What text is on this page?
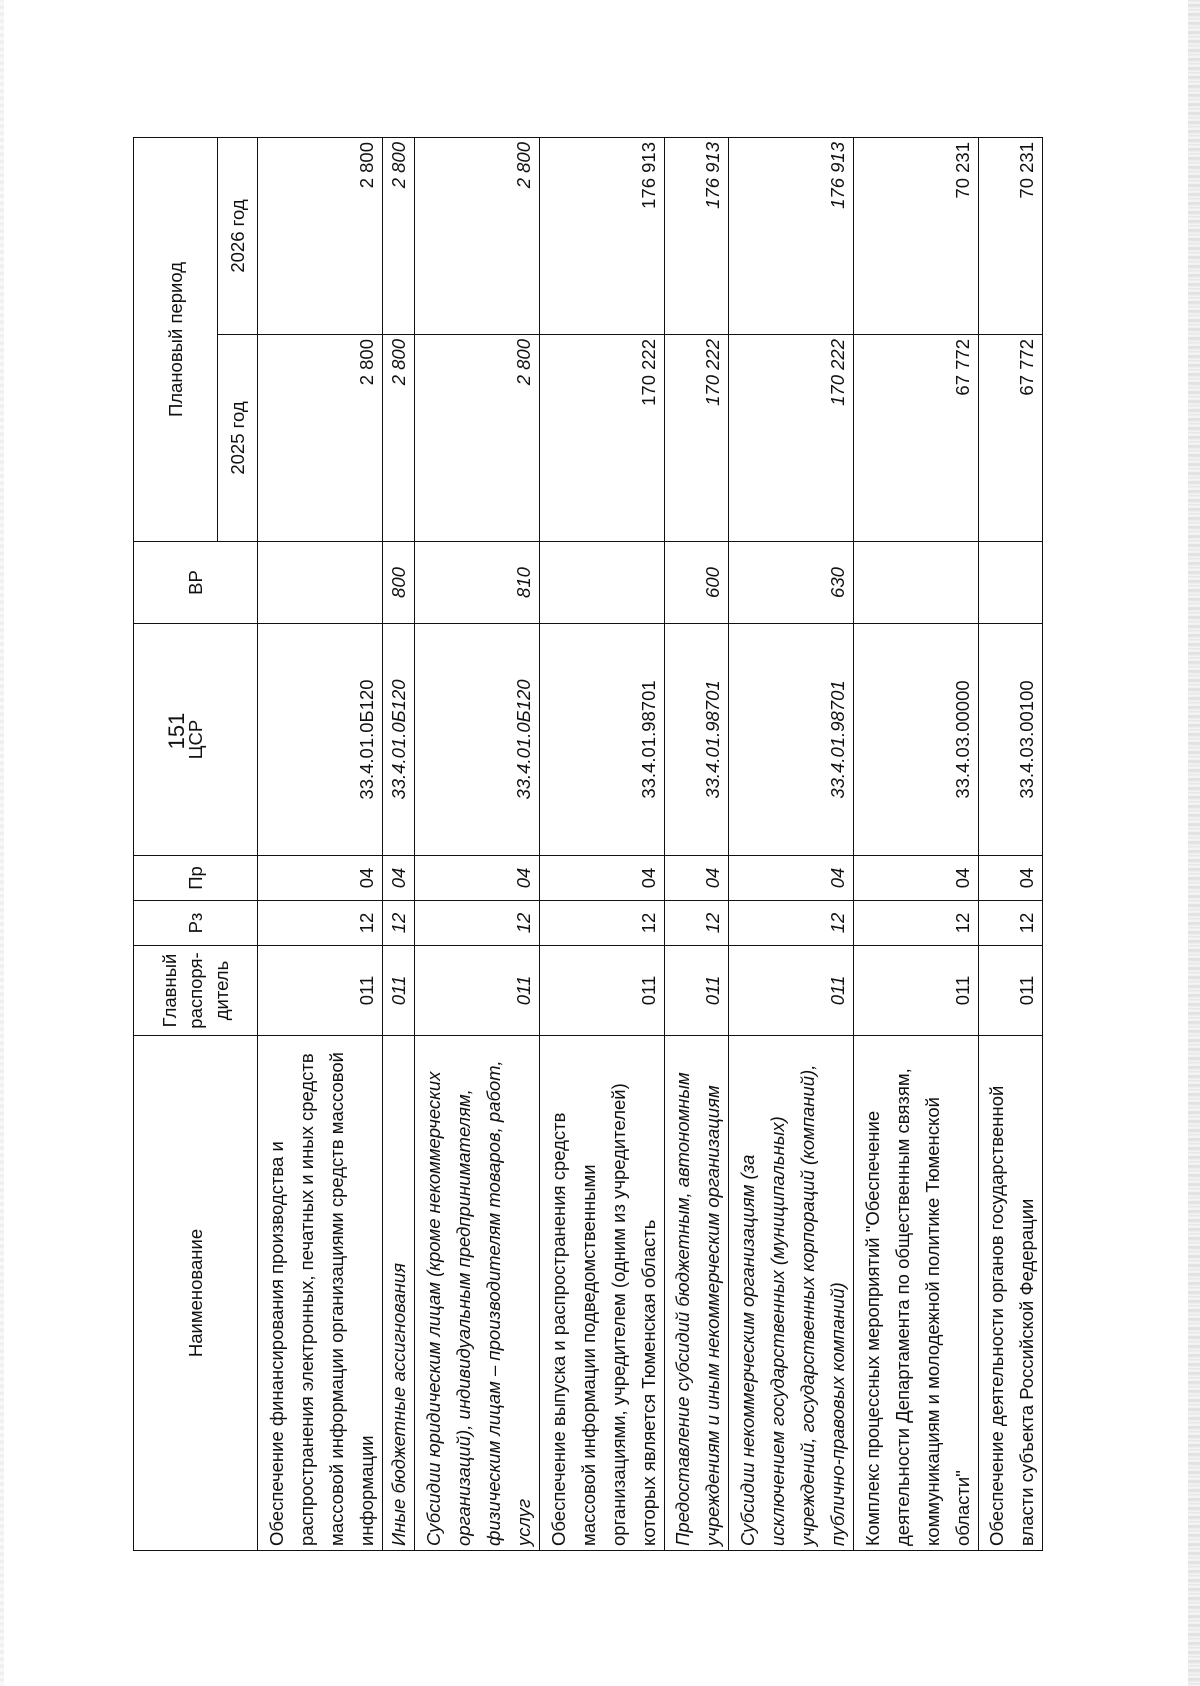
151
Наименование	Главный распоря-дитель	Рз	Пр	ЦСР	ВР	Плановый период	
						2025 год	2026 год
Обеспечение финансирования производства и распространения электронных, печатных и иных средств массовой информации организациями средств массовой информации	011	12	04	33.4.01.0Б120		2 800	2 800
Иные бюджетные ассигнования	011	12	04	33.4.01.0Б120	800	2 800	2 800
Субсидии юридическим лицам (кроме некоммерческих организаций), индивидуальным предпринимателям, физическим лицам – производителям товаров, работ, услуг	011	12	04	33.4.01.0Б120	810	2 800	2 800
Обеспечение выпуска и распространения средств массовой информации подведомственными организациями, учредителем (одним из учредителей) которых является Тюменская область	011	12	04	33.4.01.98701		170 222	176 913
Предоставление субсидий бюджетным, автономным учреждениям и иным некоммерческим организациям	011	12	04	33.4.01.98701	600	170 222	176 913
Субсидии некоммерческим организациям (за исключением государственных (муниципальных) учреждений, государственных корпораций (компаний), публично-правовых компаний)	011	12	04	33.4.01.98701	630	170 222	176 913
Комплекс процессных мероприятий "Обеспечение деятельности Департамента по общественным связям, коммуникациям и молодежной политике Тюменской области"	011	12	04	33.4.03.00000		67 772	70 231
Обеспечение деятельности органов государственной власти субъекта Российской Федерации	011	12	04	33.4.03.00100		67 772	70 231
